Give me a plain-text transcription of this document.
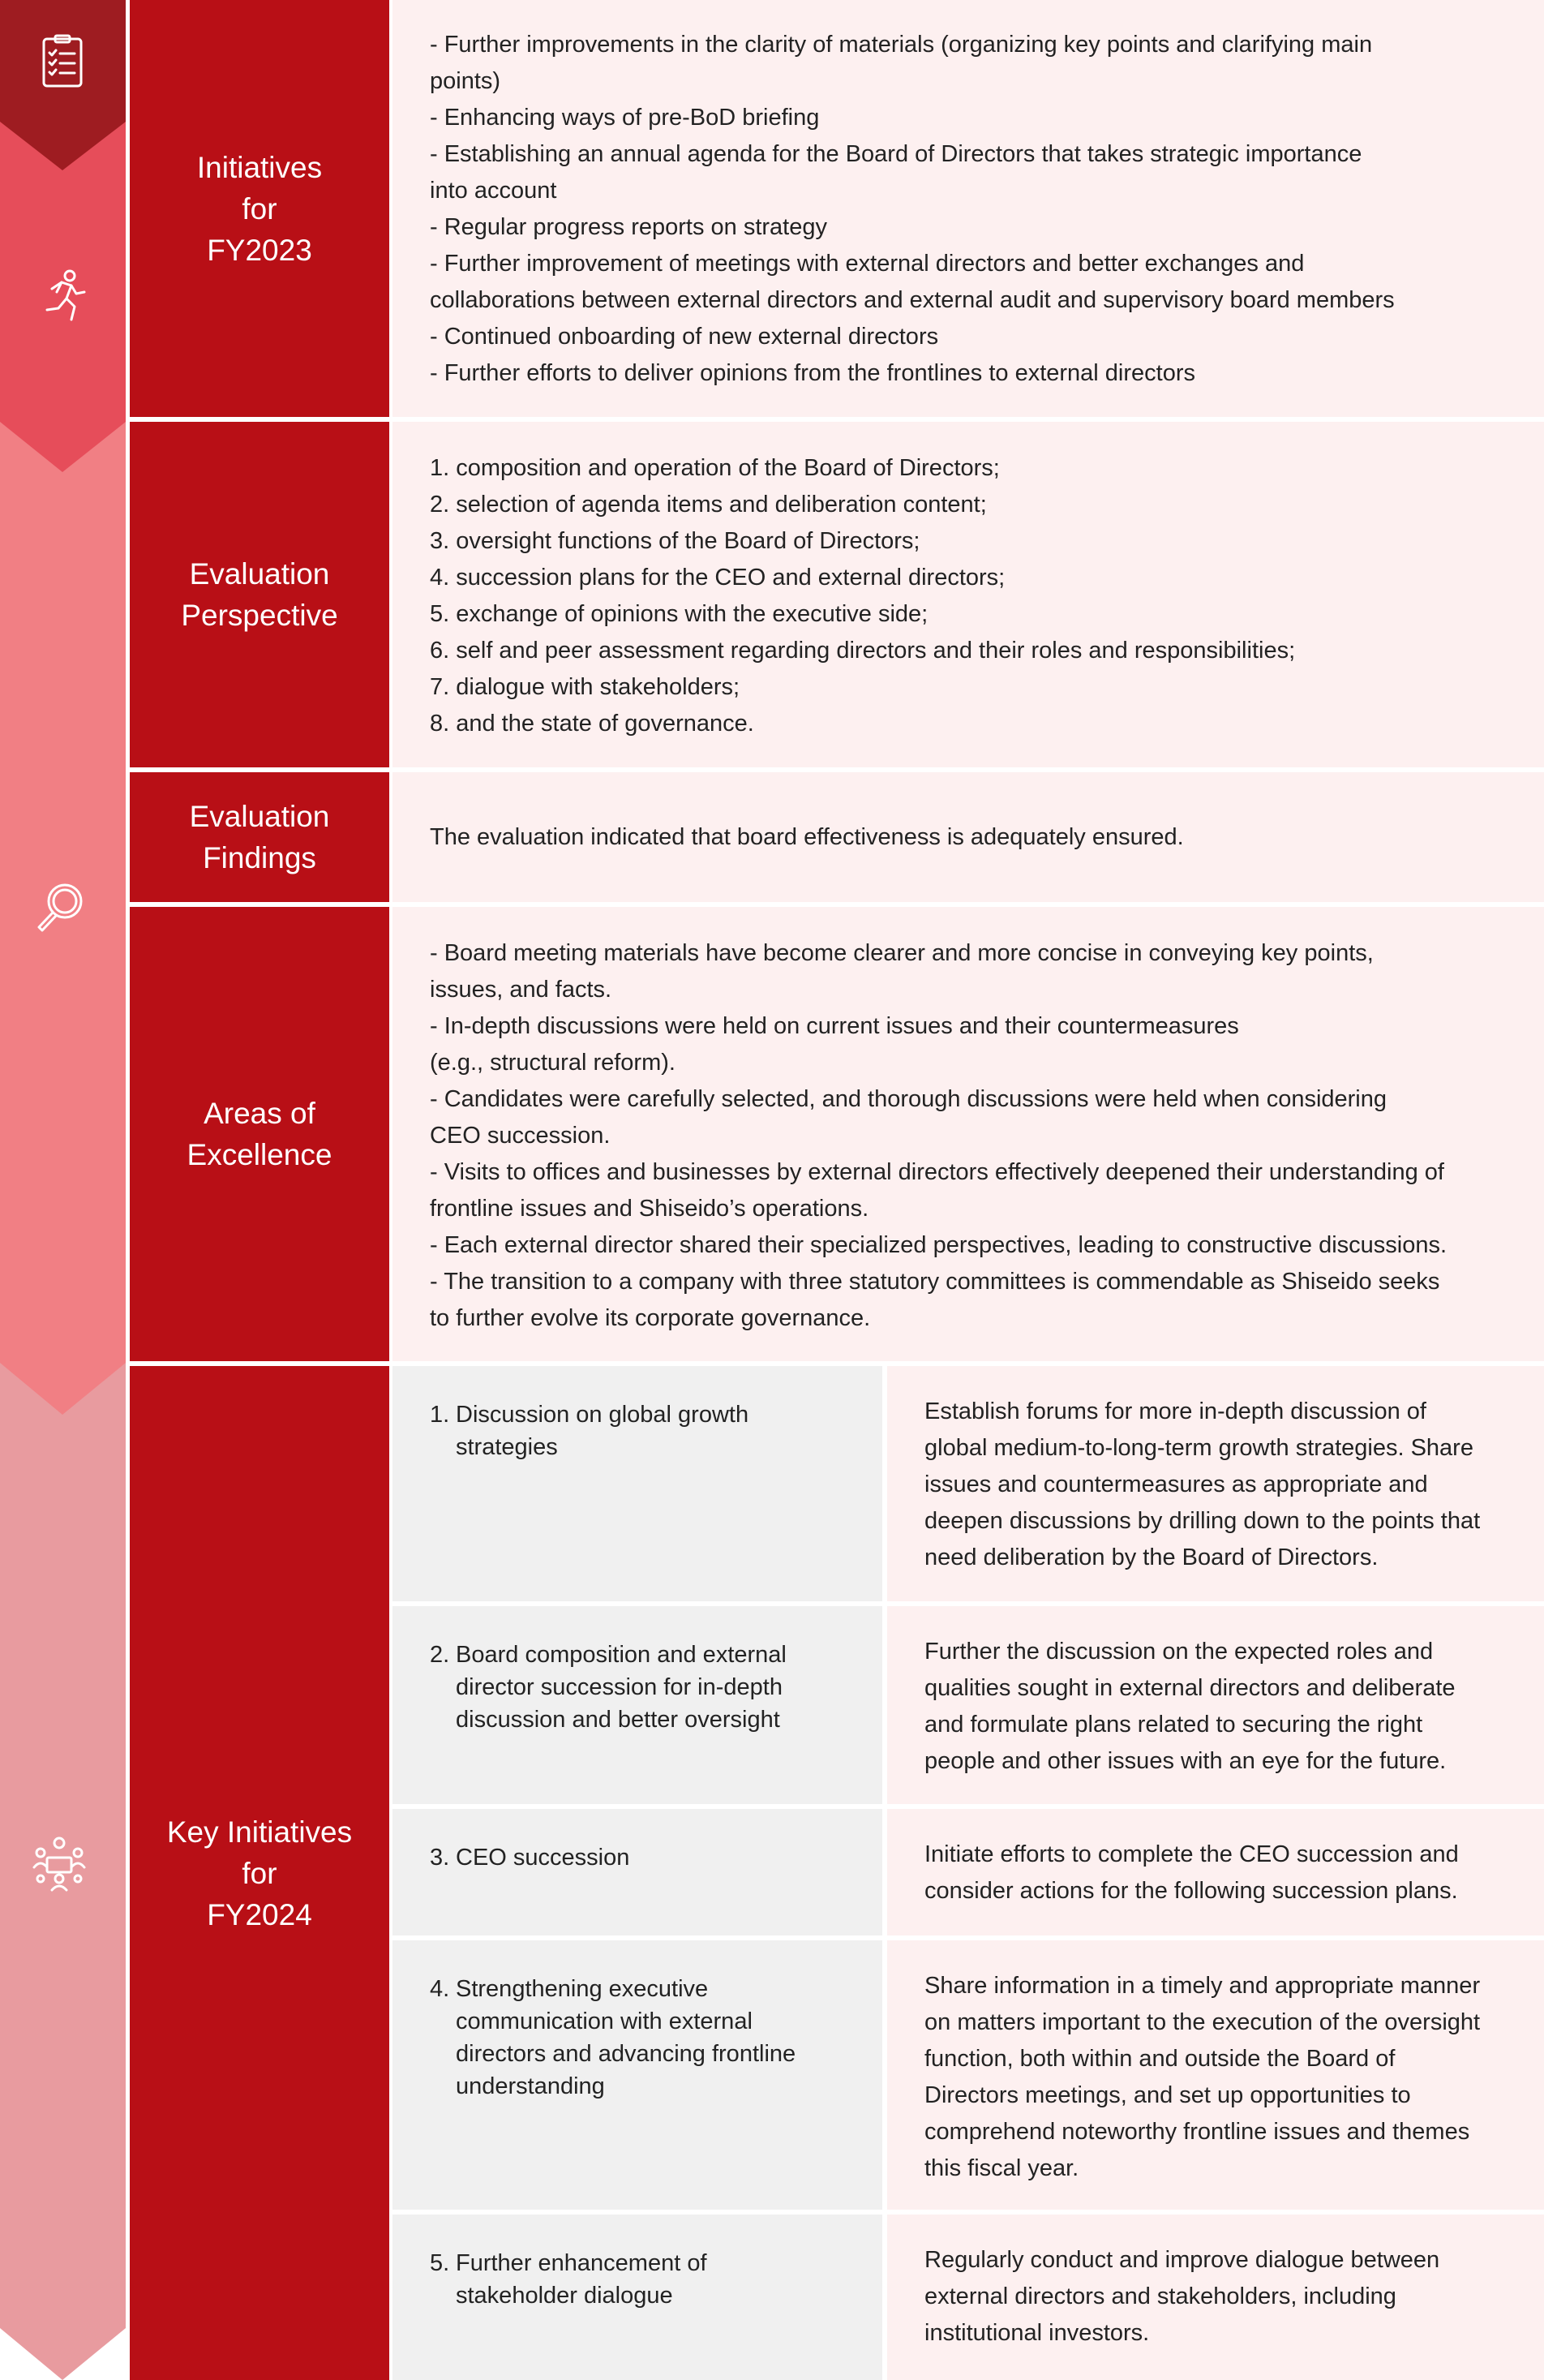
Initiatives
for
FY2023
- Further improvements in the clarity of materials (organizing key points and clarifying main
points)
- Enhancing ways of pre-BoD briefing
- Establishing an annual agenda for the Board of Directors that takes strategic importance
into account
- Regular progress reports on strategy
- Further improvement of meetings with external directors and better exchanges and
collaborations between external directors and external audit and supervisory board members
- Continued onboarding of new external directors
- Further efforts to deliver opinions from the frontlines to external directors
Evaluation
Perspective
1. composition and operation of the Board of Directors;
2. selection of agenda items and deliberation content;
3. oversight functions of the Board of Directors;
4. succession plans for the CEO and external directors;
5. exchange of opinions with the executive side;
6. self and peer assessment regarding directors and their roles and responsibilities;
7. dialogue with stakeholders;
8. and the state of governance.
Evaluation
Findings
The evaluation indicated that board effectiveness is adequately ensured.
Areas of
Excellence
- Board meeting materials have become clearer and more concise in conveying key points,
issues, and facts.
- In-depth discussions were held on current issues and their countermeasures
(e.g., structural reform).
- Candidates were carefully selected, and thorough discussions were held when considering
CEO succession.
- Visits to offices and businesses by external directors effectively deepened their understanding of
frontline issues and Shiseido’s operations.
- Each external director shared their specialized perspectives, leading to constructive discussions.
- The transition to a company with three statutory committees is commendable as Shiseido seeks
to further evolve its corporate governance.
Key Initiatives
for
FY2024
1. Discussion on global growth
strategies
Establish forums for more in-depth discussion of
global medium-to-long-term growth strategies. Share
issues and countermeasures as appropriate and
deepen discussions by drilling down to the points that
need deliberation by the Board of Directors.
2. Board composition and external
director succession for in-depth
discussion and better oversight
Further the discussion on the expected roles and
qualities sought in external directors and deliberate
and formulate plans related to securing the right
people and other issues with an eye for the future.
3. CEO succession	Initiate efforts to complete the CEO succession and
consider actions for the following succession plans.
4. Strengthening executive
communication with external
directors and advancing frontline
understanding
Share information in a timely and appropriate manner
on matters important to the execution of the oversight
function, both within and outside the Board of
Directors meetings, and set up opportunities to
comprehend noteworthy frontline issues and themes
this fiscal year.
5. Further enhancement of
stakeholder dialogue
Regularly conduct and improve dialogue between
external directors and stakeholders, including
institutional investors.
